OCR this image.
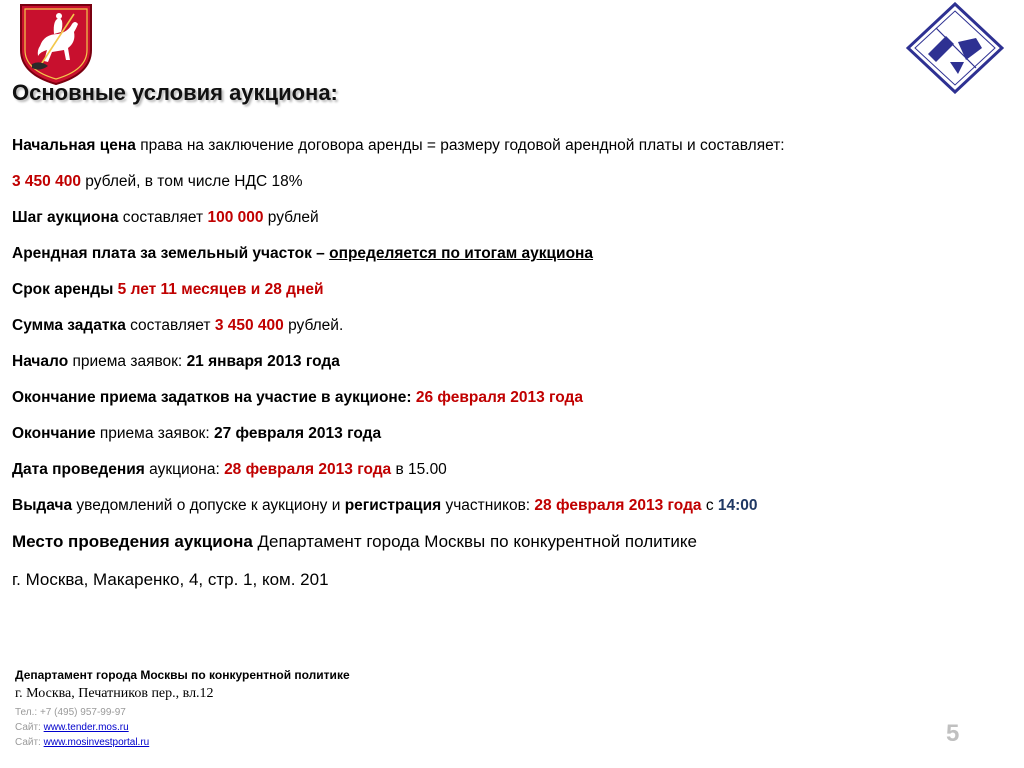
Основные условия аукциона:
Начальная цена права на заключение договора аренды = размеру годовой арендной платы и составляет:
3 450 400 рублей, в том числе НДС 18%
Шаг аукциона составляет 100 000 рублей
Арендная плата за земельный участок – определяется по итогам аукциона
Срок аренды 5 лет 11 месяцев и 28 дней
Сумма задатка составляет 3 450 400 рублей.
Начало приема заявок: 21 января 2013 года
Окончание приема задатков на участие в аукционе: 26 февраля 2013 года
Окончание приема заявок: 27 февраля 2013 года
Дата проведения аукциона: 28 февраля 2013 года в 15.00
Выдача уведомлений о допуске к аукциону и регистрация участников: 28 февраля 2013 года с 14:00
Место проведения аукциона Департамент города Москвы по конкурентной политике
г. Москва, Макаренко, 4, стр. 1, ком. 201
Департамент города Москвы по конкурентной политике
г. Москва, Печатников пер., вл.12
Тел.: +7 (495) 957-99-97
Сайт: www.tender.mos.ru
Сайт: www.mosinvestportal.ru	5
